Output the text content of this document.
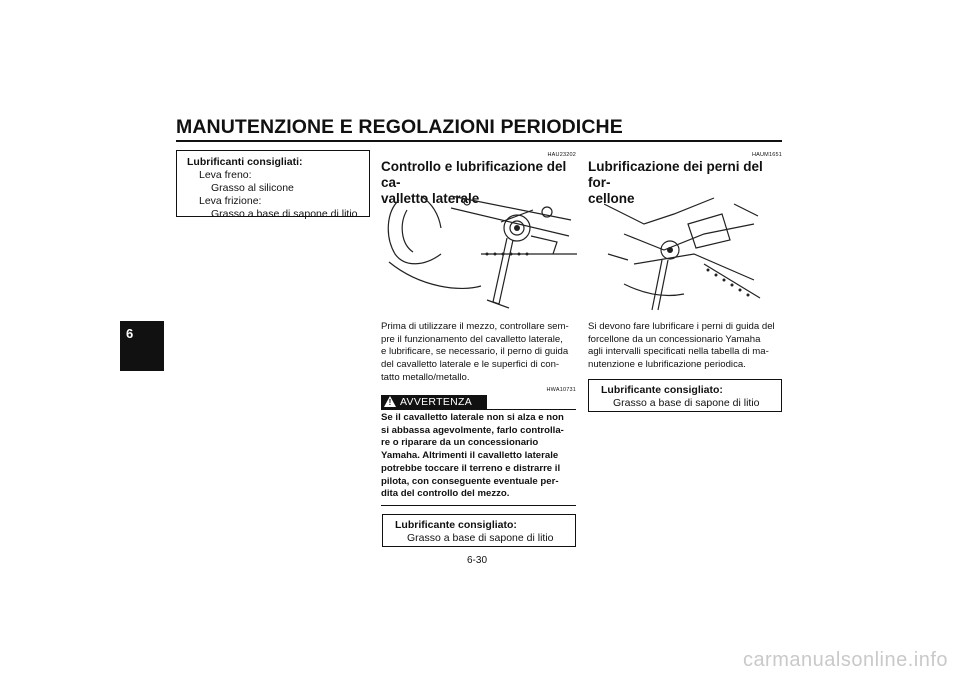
MANUTENZIONE E REGOLAZIONI PERIODICHE
6
Lubrificanti consigliati:
Leva freno:
Grasso al silicone
Leva frizione:
Grasso a base di sapone di litio
HAU23202
Controllo e lubrificazione del ca-
valletto laterale
Prima di utilizzare il mezzo, controllare sem-
pre il funzionamento del cavalletto laterale,
e lubrificare, se necessario, il perno di guida
del cavalletto laterale e le superfici di con-
tatto metallo/metallo.
HWA10731
! AVVERTENZA
Se il cavalletto laterale non si alza e non
si abbassa agevolmente, farlo controlla-
re o riparare da un concessionario
Yamaha. Altrimenti il cavalletto laterale
potrebbe toccare il terreno e distrarre il
pilota, con conseguente eventuale per-
dita del controllo del mezzo.
Lubrificante consigliato:
Grasso a base di sapone di litio
HAUM1651
Lubrificazione dei perni del for-
cellone
Si devono fare lubrificare i perni di guida del
forcellone da un concessionario Yamaha
agli intervalli specificati nella tabella di ma-
nutenzione e lubrificazione periodica.
Lubrificante consigliato:
Grasso a base di sapone di litio
6-30
carmanualsonline.info
